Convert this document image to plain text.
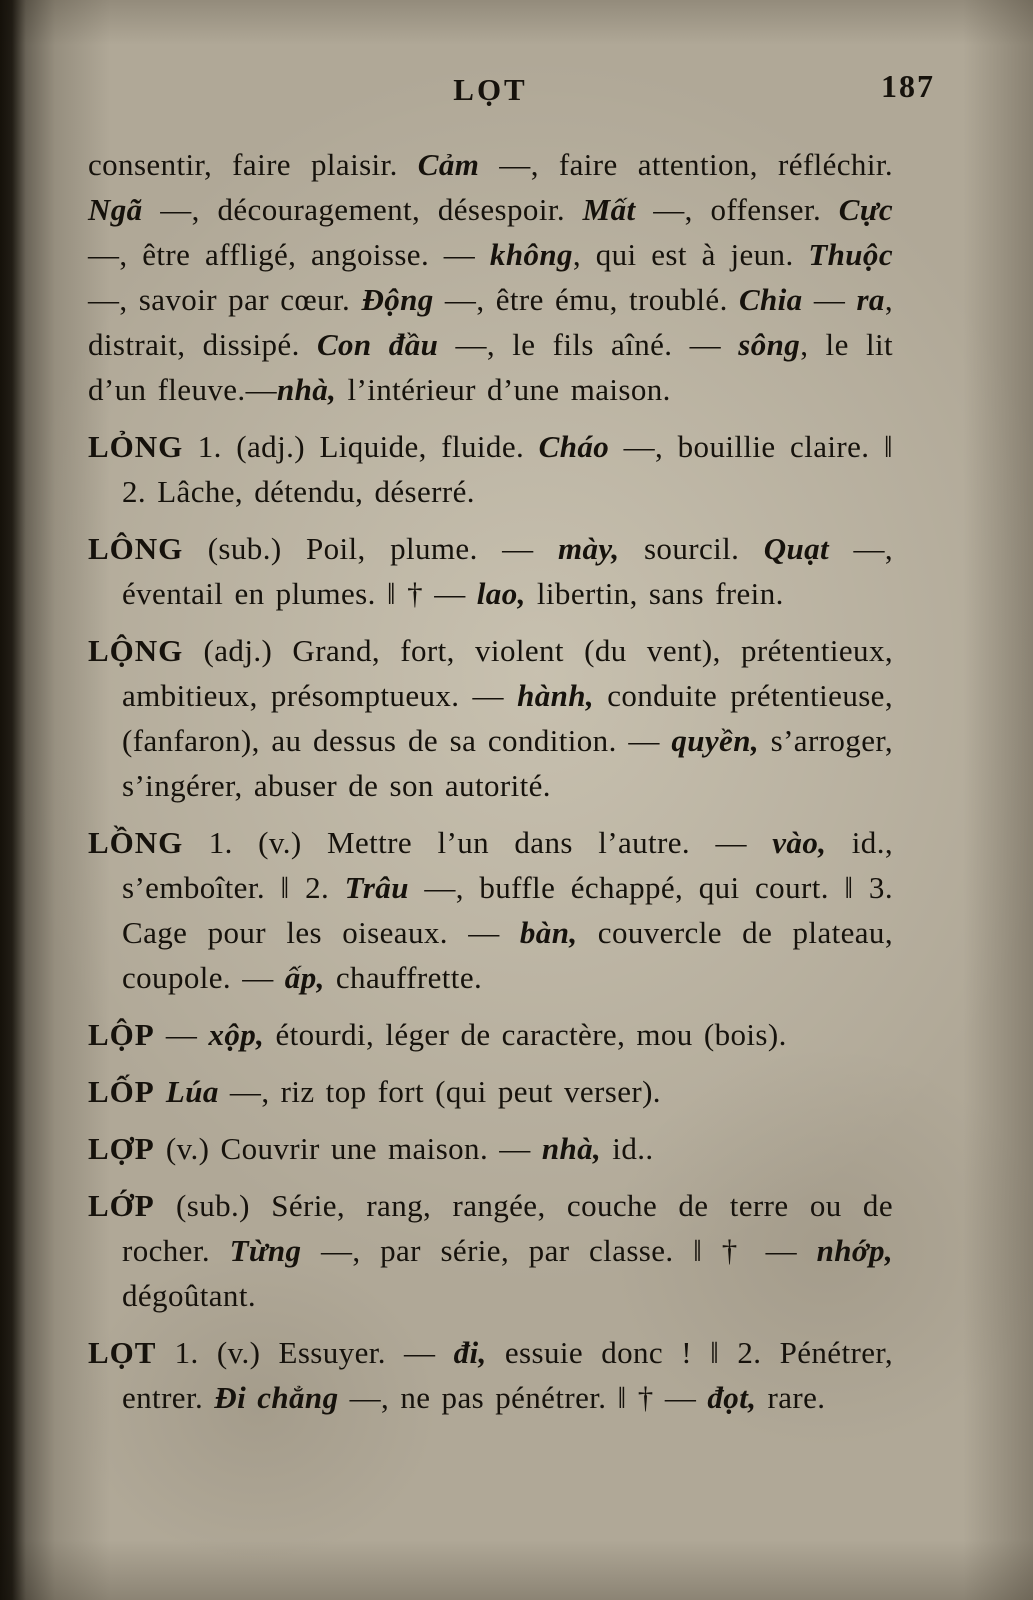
LỌT	187

consentir, faire plaisir. Cảm —, faire attention, réfléchir. Ngã —, découragement, désespoir. Mất —, offenser. Cực —, être affligé, angoisse. — không, qui est à jeun. Thuộc —, savoir par cœur. Động —, être ému, troublé. Chia — ra, distrait, dissipé. Con đầu —, le fils aîné. — sông, le lit d’un fleuve.—nhà, l’intérieur d’une maison.

LỎNG 1. (adj.) Liquide, fluide. Cháo —, bouillie claire. ‖ 2. Lâche, détendu, déserré.

LÔNG (sub.) Poil, plume. — mày, sourcil. Quạt —, éventail en plumes. ‖ † — lao, libertin, sans frein.

LỘNG (adj.) Grand, fort, violent (du vent), prétentieux, ambitieux, présomptueux. — hành, conduite prétentieuse, (fanfaron), au dessus de sa condition. — quyền, s’arroger, s’ingérer, abuser de son autorité.

LỒNG 1. (v.) Mettre l’un dans l’autre. — vào, id., s’emboîter. ‖ 2. Trâu —, buffle échappé, qui court. ‖ 3. Cage pour les oiseaux. — bàn, couvercle de plateau, coupole. — ấp, chauffrette.

LỘP — xộp, étourdi, léger de caractère, mou (bois).

LỐP Lúa —, riz top fort (qui peut verser).

LỢP (v.) Couvrir une maison. — nhà, id..

LỚP (sub.) Série, rang, rangée, couche de terre ou de rocher. Từng —, par série, par classe. ‖ † — nhớp, dégoûtant.

LỌT 1. (v.) Essuyer. — đi, essuie donc ! ‖ 2. Pénétrer, entrer. Đi chẳng —, ne pas pénétrer. ‖ † — đọt, rare.
